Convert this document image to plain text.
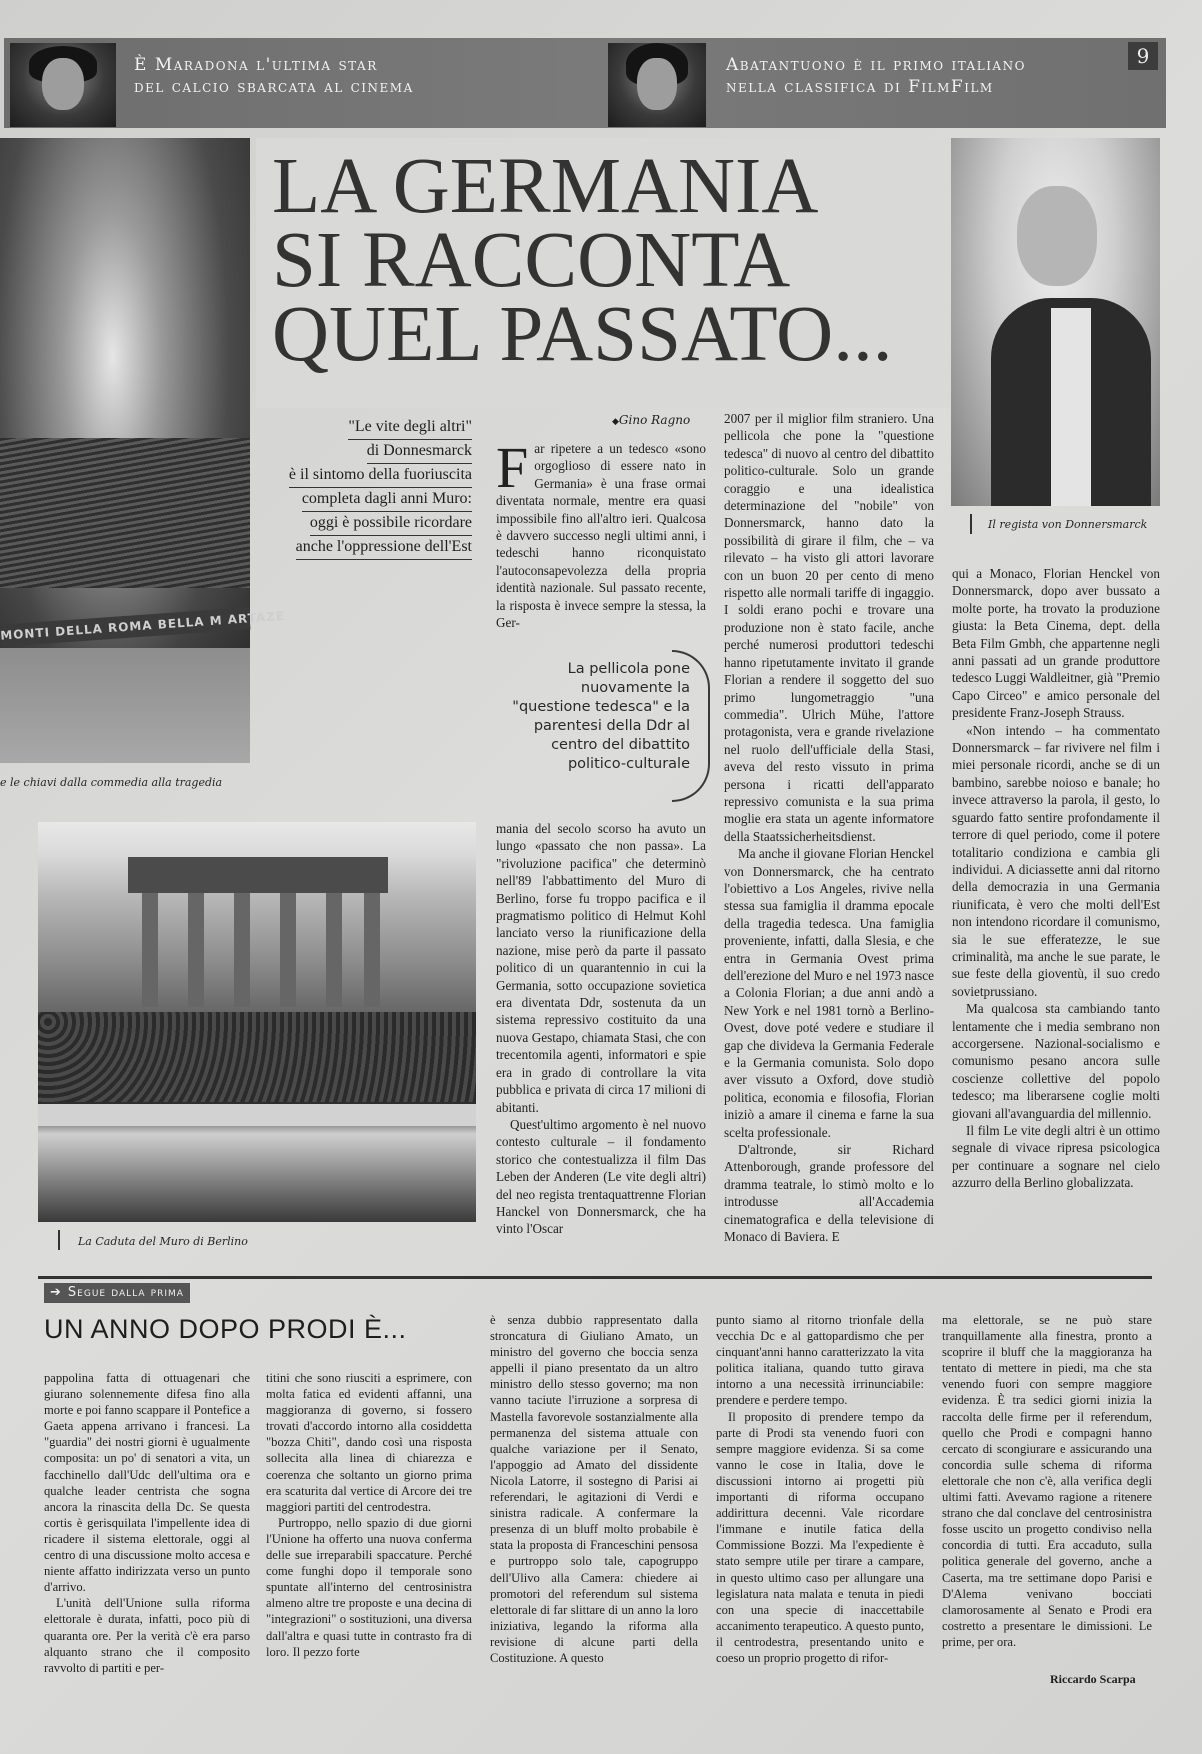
È Maradona l'ultima star
del calcio sbarcata al cinema
Abatantuono è il primo italiano
nella classifica di FilmFilm
9
MONTI DELLA ROMA BELLA M ARTAZE
e le chiavi dalla commedia alla tragedia
LA GERMANIA
SI RACCONTA
QUEL PASSATO...
Il regista von Donnersmarck
"Le vite degli altri"
di Donnesmarck
è il sintomo della fuoriuscita
completa dagli anni Muro:
oggi è possibile ricordare
anche l'oppressione dell'Est
◆ Gino Ragno
F ar ripetere a un tedesco «sono orgoglioso di essere nato in Germania» è una frase ormai diventata normale, mentre era quasi impossibile fino all'altro ieri. Qualcosa è davvero successo negli ultimi anni, i tedeschi hanno riconquistato l'autoconsapevolezza della propria identità nazionale. Sul passato recente, la risposta è invece sempre la stessa, la Ger-
La pellicola pone nuovamente la "questione tedesca" e la parentesi della Ddr al centro del dibattito politico-culturale

mania del secolo scorso ha avuto un lungo «passato che non passa». La "rivoluzione pacifica" che determinò nell'89 l'abbattimento del Muro di Berlino, forse fu troppo pacifica e il pragmatismo politico di Helmut Kohl lanciato verso la riunificazione della nazione, mise però da parte il passato politico di un quarantennio in cui la Germania, sotto occupazione sovietica era diventata Ddr, sostenuta da un sistema repressivo costituito da una nuova Gestapo, chiamata Stasi, che con trecentomila agenti, informatori e spie era in grado di controllare la vita pubblica e privata di circa 17 milioni di abitanti.

Quest'ultimo argomento è nel nuovo contesto culturale – il fondamento storico che contestualizza il film Das Leben der Anderen (Le vite degli altri) del neo regista trentaquattrenne Florian Hanckel von Donnersmarck, che ha vinto l'Oscar

2007 per il miglior film straniero. Una pellicola che pone la "questione tedesca" di nuovo al centro del dibattito politico-culturale. Solo un grande coraggio e una idealistica determinazione del "nobile" von Donnersmarck, hanno dato la possibilità di girare il film, che – va rilevato – ha visto gli attori lavorare con un buon 20 per cento di meno rispetto alle normali tariffe di ingaggio. I soldi erano pochi e trovare una produzione non è stato facile, anche perché numerosi produttori tedeschi hanno ripetutamente invitato il grande Florian a rendere il soggetto del suo primo lungometraggio "una commedia". Ulrich Mühe, l'attore protagonista, vera e grande rivelazione nel ruolo dell'ufficiale della Stasi, aveva del resto vissuto in prima persona i ricatti dell'apparato repressivo comunista e la sua prima moglie era stata un agente informatore della Staatssicherheitsdienst.

Ma anche il giovane Florian Henckel von Donnersmarck, che ha centrato l'obiettivo a Los Angeles, rivive nella stessa sua famiglia il dramma epocale della tragedia tedesca. Una famiglia proveniente, infatti, dalla Slesia, e che entra in Germania Ovest prima dell'erezione del Muro e nel 1973 nasce a Colonia Florian; a due anni andò a New York e nel 1981 tornò a Berlino-Ovest, dove poté vedere e studiare il gap che divideva la Germania Federale e la Germania comunista. Solo dopo aver vissuto a Oxford, dove studiò politica, economia e filosofia, Florian iniziò a amare il cinema e farne la sua scelta professionale.

D'altronde, sir Richard Attenborough, grande professore del dramma teatrale, lo stimò molto e lo introdusse all'Accademia cinematografica e della televisione di Monaco di Baviera. E

qui a Monaco, Florian Henckel von Donnersmarck, dopo aver bussato a molte porte, ha trovato la produzione giusta: la Beta Cinema, dept. della Beta Film Gmbh, che appartenne negli anni passati ad un grande produttore tedesco Luggi Waldleitner, già "Premio Capo Circeo" e amico personale del presidente Franz-Joseph Strauss.

«Non intendo – ha commentato Donnersmarck – far rivivere nel film i miei personale ricordi, anche se di un bambino, sarebbe noioso e banale; ho invece attraverso la parola, il gesto, lo sguardo fatto sentire profondamente il terrore di quel periodo, come il potere totalitario condiziona e cambia gli individui. A diciassette anni dal ritorno della democrazia in una Germania riunificata, è vero che molti dell'Est non intendono ricordare il comunismo, sia le sue efferatezze, le sue criminalità, ma anche le sue parate, le sue feste della gioventù, il suo credo sovietprussiano.

Ma qualcosa sta cambiando tanto lentamente che i media sembrano non accorgersene. Nazional-socialismo e comunismo pesano ancora sulle coscienze collettive del popolo tedesco; ma liberarsene coglie molti giovani all'avanguardia del millennio.

Il film Le vite degli altri è un ottimo segnale di vivace ripresa psicologica per continuare a sognare nel cielo azzurro della Berlino globalizzata.

La Caduta del Muro di Berlino
➔ Segue dalla prima
UN ANNO DOPO PRODI È...

pappolina fatta di ottuagenari che giurano solennemente difesa fino alla morte e poi fanno scappare il Pontefice a Gaeta appena arrivano i francesi. La "guardia" dei nostri giorni è ugualmente composita: un po' di senatori a vita, un facchinello dall'Udc dell'ultima ora e qualche leader centrista che sogna ancora la rinascita della Dc. Se questa cortis è gerisquilata l'impellente idea di ricadere il sistema elettorale, oggi al centro di una discussione molto accesa e niente affatto indirizzata verso un punto d'arrivo.

L'unità dell'Unione sulla riforma elettorale è durata, infatti, poco più di quaranta ore. Per la verità c'è era parso alquanto strano che il composito ravvolto di partiti e per-

titini che sono riusciti a esprimere, con molta fatica ed evidenti affanni, una maggioranza di governo, si fossero trovati d'accordo intorno alla cosiddetta "bozza Chiti", dando così una risposta sollecita alla linea di chiarezza e coerenza che soltanto un giorno prima era scaturita dal vertice di Arcore dei tre maggiori partiti del centrodestra.

Purtroppo, nello spazio di due giorni l'Unione ha offerto una nuova conferma delle sue irreparabili spaccature. Perché come funghi dopo il temporale sono spuntate all'interno del centrosinistra almeno altre tre proposte e una decina di "integrazioni" o sostituzioni, una diversa dall'altra e quasi tutte in contrasto fra di loro. Il pezzo forte

è senza dubbio rappresentato dalla stroncatura di Giuliano Amato, un ministro del governo che boccia senza appelli il piano presentato da un altro ministro dello stesso governo; ma non vanno taciute l'irruzione a sorpresa di Mastella favorevole sostanzialmente alla permanenza del sistema attuale con qualche variazione per il Senato, l'appoggio ad Amato del dissidente Nicola Latorre, il sostegno di Parisi ai referendari, le agitazioni di Verdi e sinistra radicale. A confermare la presenza di un bluff molto probabile è stata la proposta di Franceschini pensosa e purtroppo solo tale, capogruppo dell'Ulivo alla Camera: chiedere ai promotori del referendum sul sistema elettorale di far slittare di un anno la loro iniziativa, legando la riforma alla revisione di alcune parti della Costituzione. A questo

punto siamo al ritorno trionfale della vecchia Dc e al gattopardismo che per cinquant'anni hanno caratterizzato la vita politica italiana, quando tutto girava intorno a una necessità irrinunciabile: prendere e perdere tempo.

Il proposito di prendere tempo da parte di Prodi sta venendo fuori con sempre maggiore evidenza. Si sa come vanno le cose in Italia, dove le discussioni intorno ai progetti più importanti di riforma occupano addirittura decenni. Vale ricordare l'immane e inutile fatica della Commissione Bozzi. Ma l'expediente è stato sempre utile per tirare a campare, in questo ultimo caso per allungare una legislatura nata malata e tenuta in piedi con una specie di inaccettabile accanimento terapeutico. A questo punto, il centrodestra, presentando unito e coeso un proprio progetto di rifor-

ma elettorale, se ne può stare tranquillamente alla finestra, pronto a scoprire il bluff che la maggioranza ha tentato di mettere in piedi, ma che sta venendo fuori con sempre maggiore evidenza. È tra sedici giorni inizia la raccolta delle firme per il referendum, quello che Prodi e compagni hanno cercato di scongiurare e assicurando una concordia sulle schema di riforma elettorale che non c'è, alla verifica degli ultimi fatti. Avevamo ragione a ritenere strano che dal conclave del centrosinistra fosse uscito un progetto condiviso nella concordia di tutti. Era accaduto, sulla politica generale del governo, anche a Caserta, ma tre settimane dopo Parisi e D'Alema venivano bocciati clamorosamente al Senato e Prodi era costretto a presentare le dimissioni. Le prime, per ora.

Riccardo Scarpa
